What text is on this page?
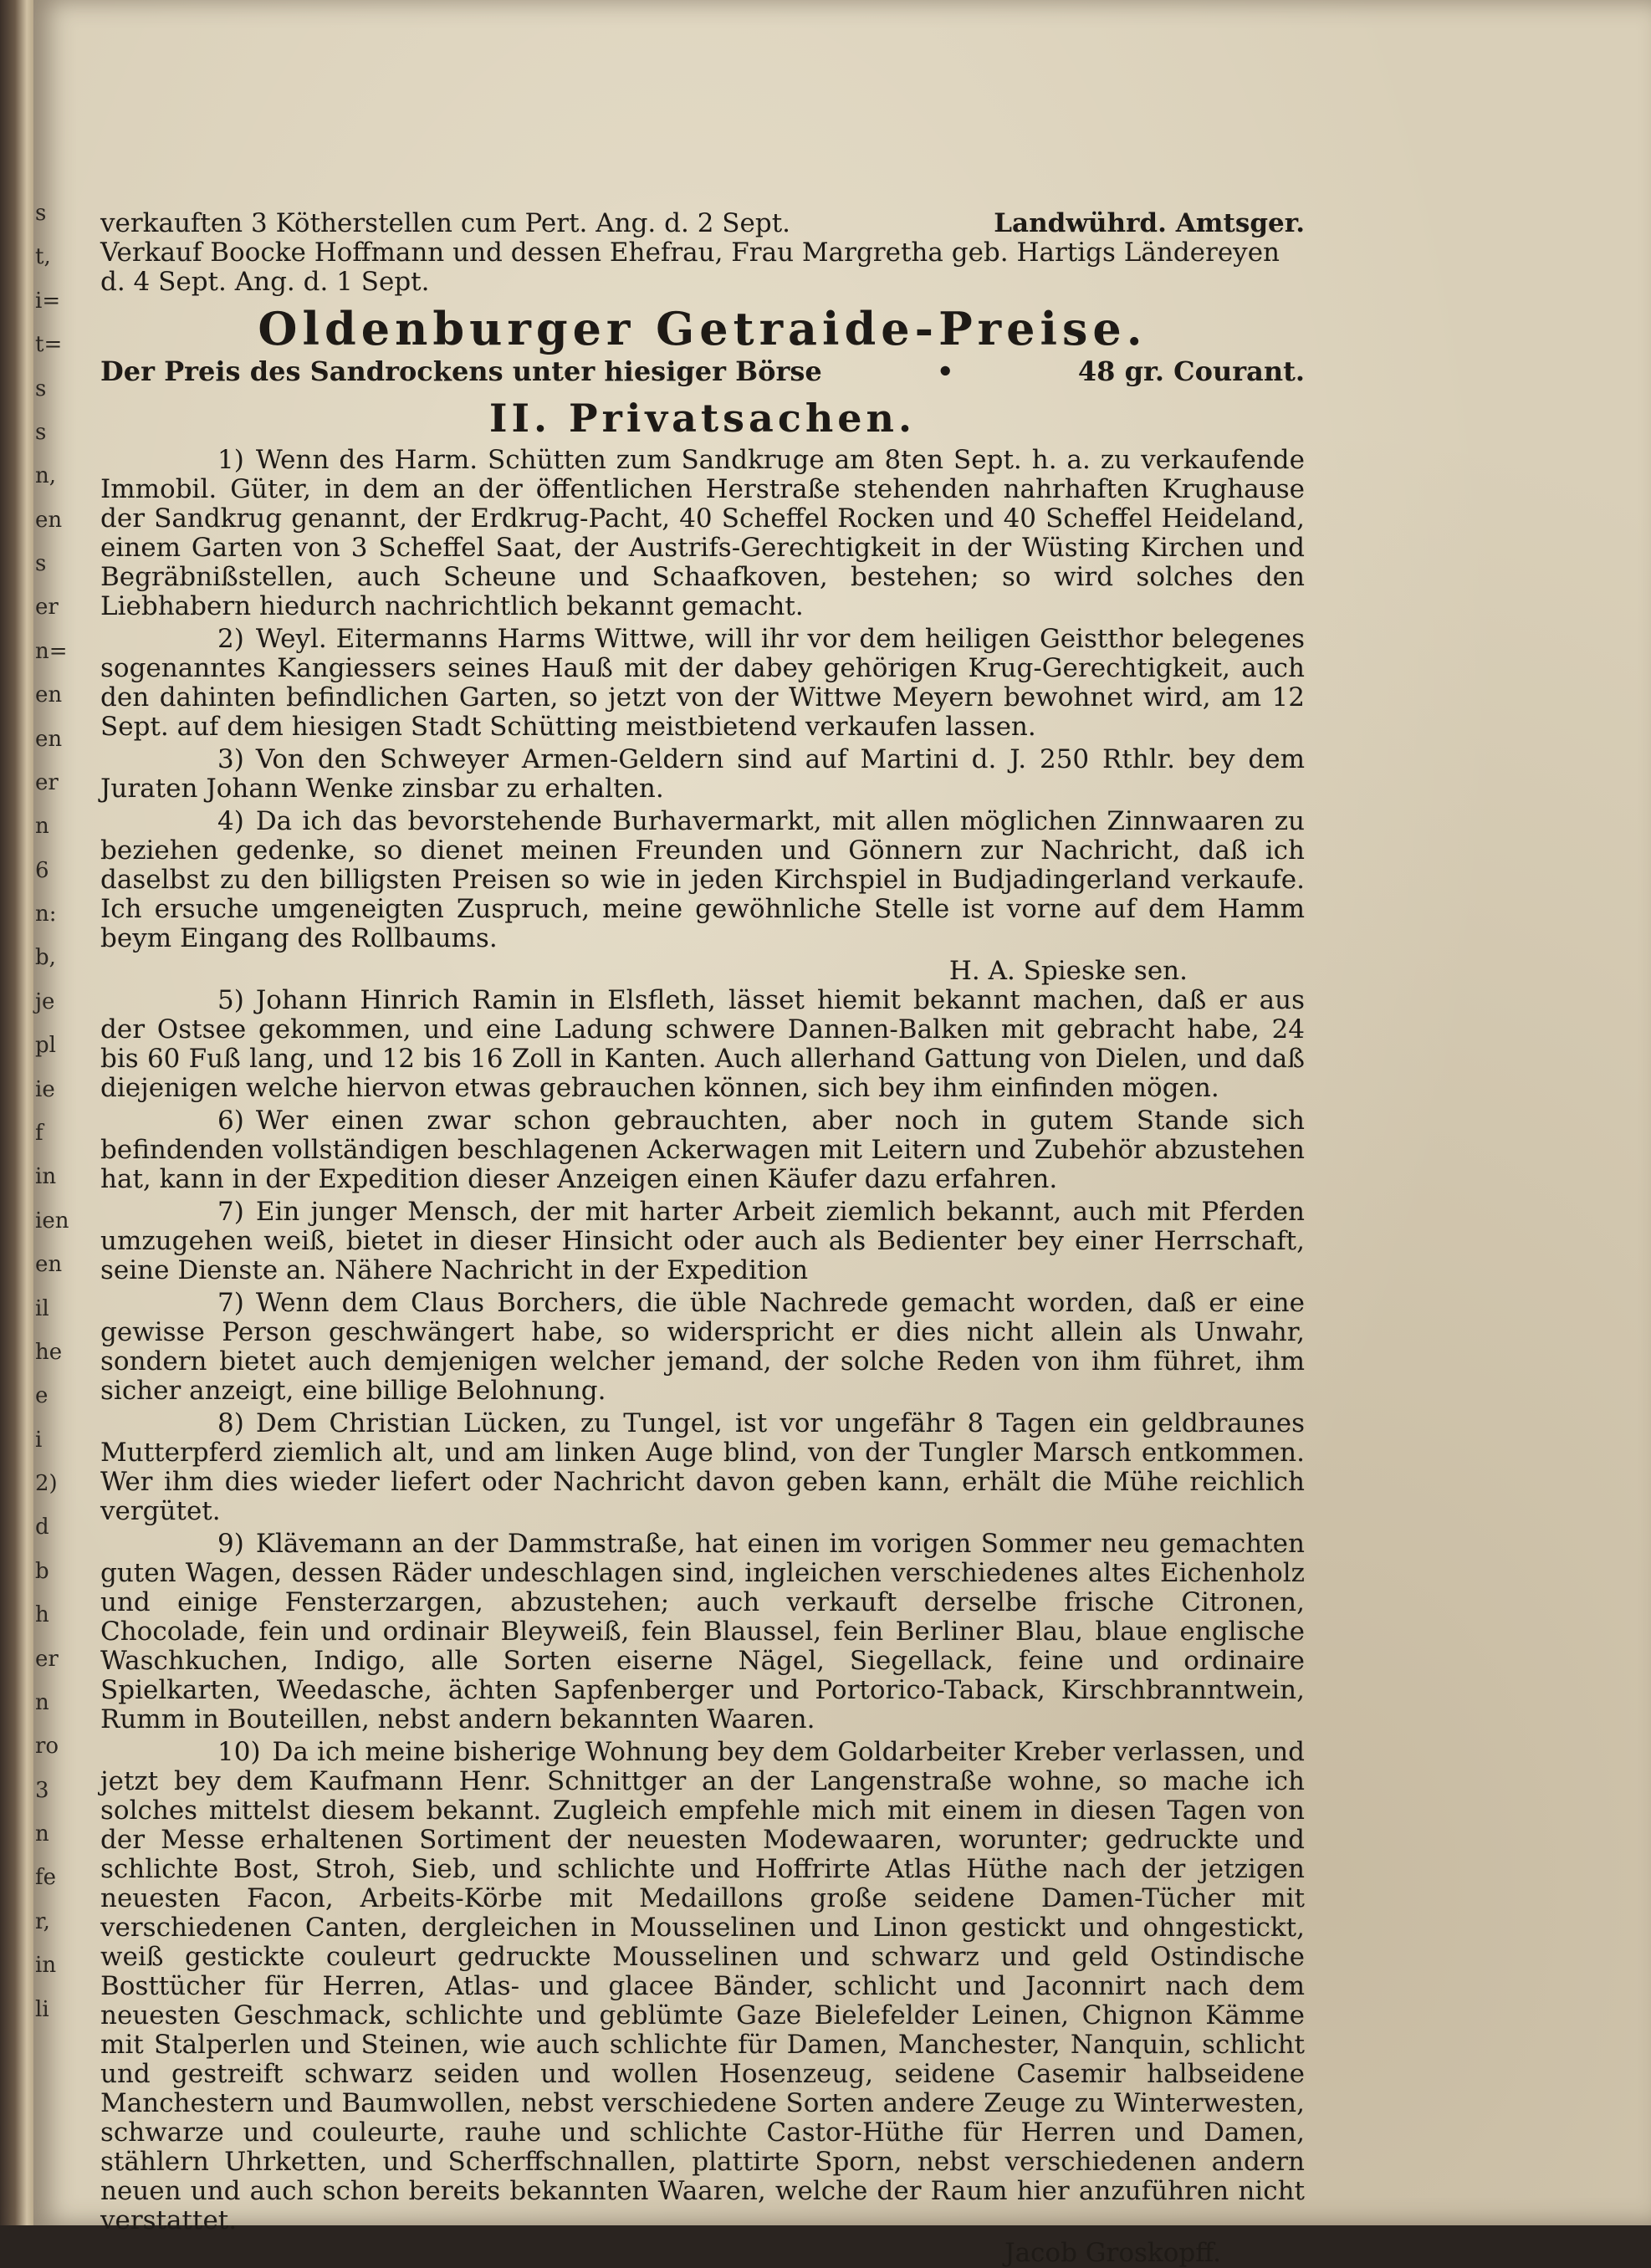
s
t,
i=
t=
s
s
n,
en
s
er
n=
en
en
er
n
6
n:
b,
je
pl
ie
f
in
ien
en
il
he
e
i
2)
d
b
h
er
n
ro
3
n
fe
r,
in
li

verkauften 3 Kötherstellen cum Pert. Ang. d. 2 Sept.	Landwührd. Amtsger.

Verkauf Boocke Hoffmann und dessen Ehefrau, Frau Margretha geb. Hartigs Ländereyen d. 4 Sept. Ang. d. 1 Sept.

Oldenburger Getraide-Preise.
Der Preis des Sandrockens unter hiesiger Börse	•	48 gr. Courant.
II. Privatsachen.

1) Wenn des Harm. Schütten zum Sandkruge am 8ten Sept. h. a. zu verkaufende Immobil. Güter, in dem an der öffentlichen Herstraße stehenden nahrhaften Krughause der Sandkrug genannt, der Erdkrug-Pacht, 40 Scheffel Rocken und 40 Scheffel Heideland, einem Garten von 3 Scheffel Saat, der Austrifs-Gerechtigkeit in der Wüsting Kirchen und Begräbnißstellen, auch Scheune und Schaafkoven, bestehen; so wird solches den Liebhabern hiedurch nachrichtlich bekannt gemacht.

2) Weyl. Eitermanns Harms Wittwe, will ihr vor dem heiligen Geistthor belegenes sogenanntes Kangiessers seines Hauß mit der dabey gehörigen Krug-Gerechtigkeit, auch den dahinten befindlichen Garten, so jetzt von der Wittwe Meyern bewohnet wird, am 12 Sept. auf dem hiesigen Stadt Schütting meistbietend verkaufen lassen.

3) Von den Schweyer Armen-Geldern sind auf Martini d. J. 250 Rthlr. bey dem Juraten Johann Wenke zinsbar zu erhalten.

4) Da ich das bevorstehende Burhavermarkt, mit allen möglichen Zinnwaaren zu beziehen gedenke, so dienet meinen Freunden und Gönnern zur Nachricht, daß ich daselbst zu den billigsten Preisen so wie in jeden Kirchspiel in Budjadingerland verkaufe. Ich ersuche umgeneigten Zuspruch, meine gewöhnliche Stelle ist vorne auf dem Hamm beym Eingang des Rollbaums.

H. A. Spieske sen.

5) Johann Hinrich Ramin in Elsfleth, lässet hiemit bekannt machen, daß er aus der Ostsee gekommen, und eine Ladung schwere Dannen-Balken mit gebracht habe, 24 bis 60 Fuß lang, und 12 bis 16 Zoll in Kanten. Auch allerhand Gattung von Dielen, und daß diejenigen welche hiervon etwas gebrauchen können, sich bey ihm einfinden mögen.

6) Wer einen zwar schon gebrauchten, aber noch in gutem Stande sich befindenden vollständigen beschlagenen Ackerwagen mit Leitern und Zubehör abzustehen hat, kann in der Expedition dieser Anzeigen einen Käufer dazu erfahren.

7) Ein junger Mensch, der mit harter Arbeit ziemlich bekannt, auch mit Pferden umzugehen weiß, bietet in dieser Hinsicht oder auch als Bedienter bey einer Herrschaft, seine Dienste an. Nähere Nachricht in der Expedition

7) Wenn dem Claus Borchers, die üble Nachrede gemacht worden, daß er eine gewisse Person geschwängert habe, so widerspricht er dies nicht allein als Unwahr, sondern bietet auch demjenigen welcher jemand, der solche Reden von ihm führet, ihm sicher anzeigt, eine billige Belohnung.

8) Dem Christian Lücken, zu Tungel, ist vor ungefähr 8 Tagen ein geldbraunes Mutterpferd ziemlich alt, und am linken Auge blind, von der Tungler Marsch entkommen. Wer ihm dies wieder liefert oder Nachricht davon geben kann, erhält die Mühe reichlich vergütet.

9) Klävemann an der Dammstraße, hat einen im vorigen Sommer neu gemachten guten Wagen, dessen Räder undeschlagen sind, ingleichen verschiedenes altes Eichenholz und einige Fensterzargen, abzustehen; auch verkauft derselbe frische Citronen, Chocolade, fein und ordinair Bleyweiß, fein Blaussel, fein Berliner Blau, blaue englische Waschkuchen, Indigo, alle Sorten eiserne Nägel, Siegellack, feine und ordinaire Spielkarten, Weedasche, ächten Sapfenberger und Portorico-Taback, Kirschbranntwein, Rumm in Bouteillen, nebst andern bekannten Waaren.

10) Da ich meine bisherige Wohnung bey dem Goldarbeiter Kreber verlassen, und jetzt bey dem Kaufmann Henr. Schnittger an der Langenstraße wohne, so mache ich solches mittelst diesem bekannt. Zugleich empfehle mich mit einem in diesen Tagen von der Messe erhaltenen Sortiment der neuesten Modewaaren, worunter; gedruckte und schlichte Bost, Stroh, Sieb, und schlichte und Hoffrirte Atlas Hüthe nach der jetzigen neuesten Facon, Arbeits-Körbe mit Medaillons große seidene Damen-Tücher mit verschiedenen Canten, dergleichen in Mousselinen und Linon gestickt und ohngestickt, weiß gestickte couleurt gedruckte Mousselinen und schwarz und geld Ostindische Bosttücher für Herren, Atlas- und glacee Bänder, schlicht und Jaconnirt nach dem neuesten Geschmack, schlichte und geblümte Gaze Bielefelder Leinen, Chignon Kämme mit Stalperlen und Steinen, wie auch schlichte für Damen, Manchester, Nanquin, schlicht und gestreift schwarz seiden und wollen Hosenzeug, seidene Casemir halbseidene Manchestern und Baumwollen, nebst verschiedene Sorten andere Zeuge zu Winterwesten, schwarze und couleurte, rauhe und schlichte Castor-Hüthe für Herren und Damen, stählern Uhrketten, und Scherffschnallen, plattirte Sporn, nebst verschiedenen andern neuen und auch schon bereits bekannten Waaren, welche der Raum hier anzuführen nicht verstattet.

Jacob Groskopff.
